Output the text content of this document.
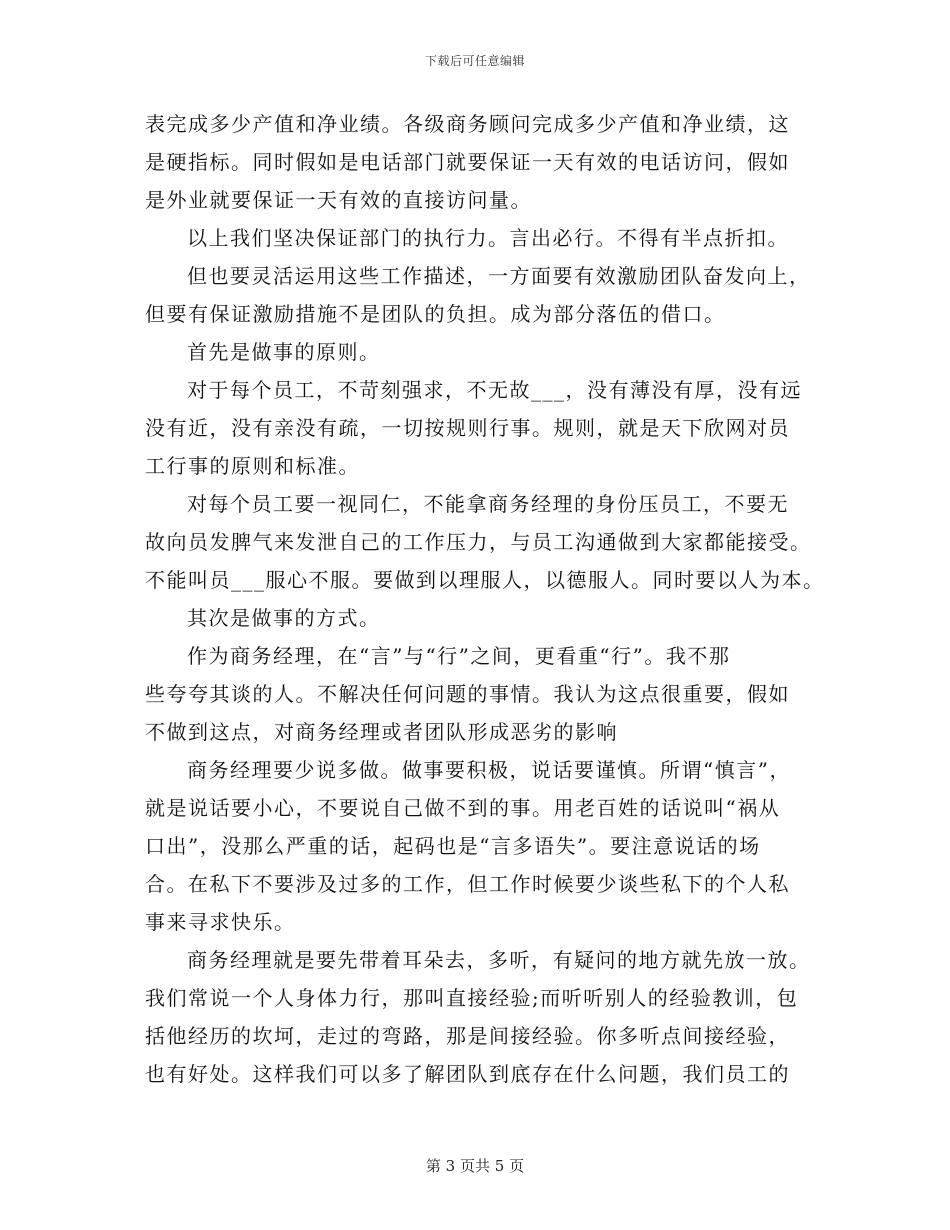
下载后可任意编辑
表完成多少产值和净业绩。各级商务顾问完成多少产值和净业绩，这
是硬指标。同时假如是电话部门就要保证一天有效的电话访问，假如
是外业就要保证一天有效的直接访问量。
以上我们坚决保证部门的执行力。言出必行。不得有半点折扣。
但也要灵活运用这些工作描述，一方面要有效激励团队奋发向上，
但要有保证激励措施不是团队的负担。成为部分落伍的借口。
首先是做事的原则。
对于每个员工，不苛刻强求，不无故___，没有薄没有厚，没有远
没有近，没有亲没有疏，一切按规则行事。规则，就是天下欣网对员
工行事的原则和标准。
对每个员工要一视同仁，不能拿商务经理的身份压员工，不要无
故向员发脾气来发泄自己的工作压力，与员工沟通做到大家都能接受。
不能叫员___服心不服。要做到以理服人，以德服人。同时要以人为本。
其次是做事的方式。
作为商务经理，在“言”与“行”之间，更看重“行”。我不那
些夸夸其谈的人。不解决任何问题的事情。我认为这点很重要，假如
不做到这点，对商务经理或者团队形成恶劣的影响
商务经理要少说多做。做事要积极，说话要谨慎。所谓“慎言”，
就是说话要小心，不要说自己做不到的事。用老百姓的话说叫“祸从
口出”，没那么严重的话，起码也是“言多语失”。要注意说话的场
合。在私下不要涉及过多的工作，但工作时候要少谈些私下的个人私
事来寻求快乐。
商务经理就是要先带着耳朵去，多听，有疑问的地方就先放一放。
我们常说一个人身体力行，那叫直接经验;而听听别人的经验教训，包
括他经历的坎坷，走过的弯路，那是间接经验。你多听点间接经验，
也有好处。这样我们可以多了解团队到底存在什么问题，我们员工的
第 3 页共 5 页
